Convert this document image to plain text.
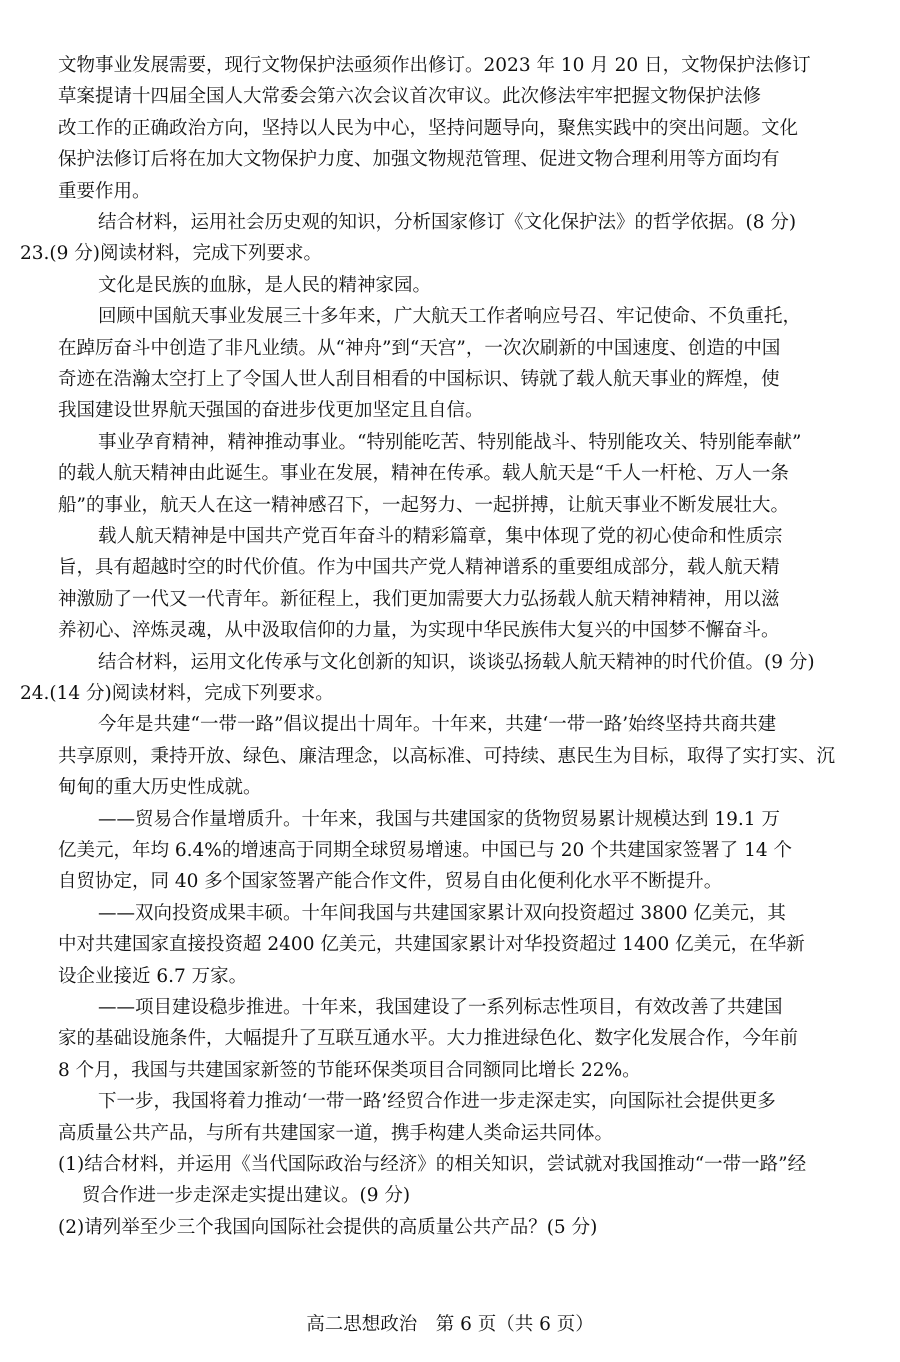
文物事业发展需要，现行文物保护法亟须作出修订。2023 年 10 月 20 日，文物保护法修订
草案提请十四届全国人大常委会第六次会议首次审议。此次修法牢牢把握文物保护法修
改工作的正确政治方向，坚持以人民为中心，坚持问题导向，聚焦实践中的突出问题。文化
保护法修订后将在加大文物保护力度、加强文物规范管理、促进文物合理利用等方面均有
重要作用。
结合材料，运用社会历史观的知识，分析国家修订《文化保护法》的哲学依据。(8 分)
23.(9 分)阅读材料，完成下列要求。
文化是民族的血脉，是人民的精神家园。
回顾中国航天事业发展三十多年来，广大航天工作者响应号召、牢记使命、不负重托，
在踔厉奋斗中创造了非凡业绩。从“神舟”到“天宫”，一次次刷新的中国速度、创造的中国
奇迹在浩瀚太空打上了令国人世人刮目相看的中国标识、铸就了载人航天事业的辉煌，使
我国建设世界航天强国的奋进步伐更加坚定且自信。
事业孕育精神，精神推动事业。“特别能吃苦、特别能战斗、特别能攻关、特别能奉献”
的载人航天精神由此诞生。事业在发展，精神在传承。载人航天是“千人一杆枪、万人一条
船”的事业，航天人在这一精神感召下，一起努力、一起拼搏，让航天事业不断发展壮大。
载人航天精神是中国共产党百年奋斗的精彩篇章，集中体现了党的初心使命和性质宗
旨，具有超越时空的时代价值。作为中国共产党人精神谱系的重要组成部分，载人航天精
神激励了一代又一代青年。新征程上，我们更加需要大力弘扬载人航天精神精神，用以滋
养初心、淬炼灵魂，从中汲取信仰的力量，为实现中华民族伟大复兴的中国梦不懈奋斗。
结合材料，运用文化传承与文化创新的知识，谈谈弘扬载人航天精神的时代价值。(9 分)
24.(14 分)阅读材料，完成下列要求。
今年是共建“一带一路”倡议提出十周年。十年来，共建‘一带一路’始终坚持共商共建
共享原则，秉持开放、绿色、廉洁理念，以高标准、可持续、惠民生为目标，取得了实打实、沉
甸甸的重大历史性成就。
——贸易合作量增质升。十年来，我国与共建国家的货物贸易累计规模达到 19.1 万
亿美元，年均 6.4%的增速高于同期全球贸易增速。中国已与 20 个共建国家签署了 14 个
自贸协定，同 40 多个国家签署产能合作文件，贸易自由化便利化水平不断提升。
——双向投资成果丰硕。十年间我国与共建国家累计双向投资超过 3800 亿美元，其
中对共建国家直接投资超 2400 亿美元，共建国家累计对华投资超过 1400 亿美元，在华新
设企业接近 6.7 万家。
——项目建设稳步推进。十年来，我国建设了一系列标志性项目，有效改善了共建国
家的基础设施条件，大幅提升了互联互通水平。大力推进绿色化、数字化发展合作，今年前
8 个月，我国与共建国家新签的节能环保类项目合同额同比增长 22%。
下一步，我国将着力推动‘一带一路’经贸合作进一步走深走实，向国际社会提供更多
高质量公共产品，与所有共建国家一道，携手构建人类命运共同体。
(1)结合材料，并运用《当代国际政治与经济》的相关知识，尝试就对我国推动“一带一路”经
高二思想政治　第 6 页（共 6 页）
贸合作进一步走深走实提出建议。(9 分)
(2)请列举至少三个我国向国际社会提供的高质量公共产品？(5 分)
